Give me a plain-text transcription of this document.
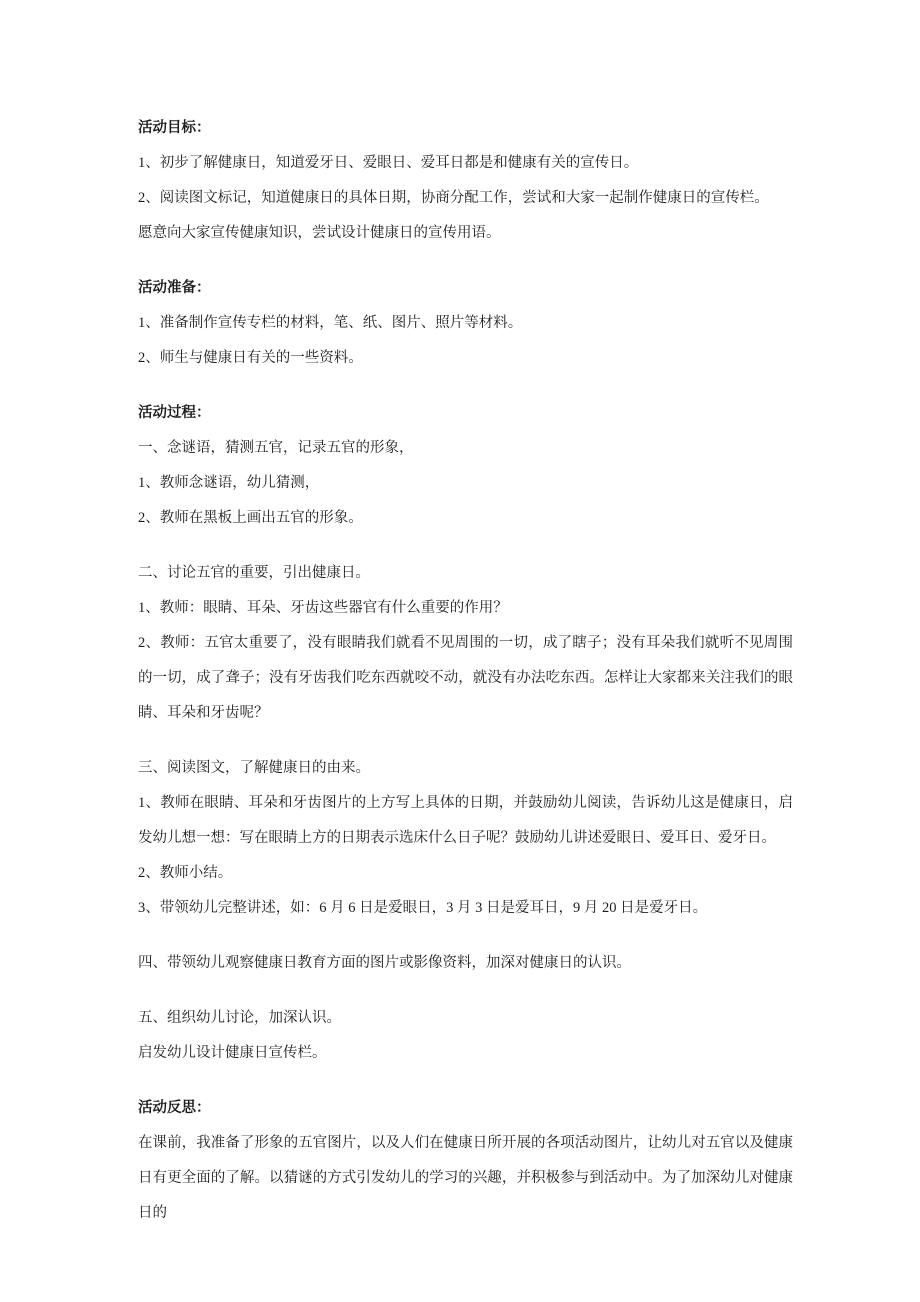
活动目标：

1、初步了解健康日，知道爱牙日、爱眼日、爱耳日都是和健康有关的宣传日。

2、阅读图文标记，知道健康日的具体日期，协商分配工作，尝试和大家一起制作健康日的宣传栏。

愿意向大家宣传健康知识，尝试设计健康日的宣传用语。

活动准备：

1、准备制作宣传专栏的材料，笔、纸、图片、照片等材料。

2、师生与健康日有关的一些资料。

活动过程：

一、念谜语，猜测五官，记录五官的形象，

1、教师念谜语，幼儿猜测，

2、教师在黑板上画出五官的形象。

二、讨论五官的重要，引出健康日。

1、教师：眼睛、耳朵、牙齿这些器官有什么重要的作用？

2、教师：五官太重要了，没有眼睛我们就看不见周围的一切，成了瞎子；没有耳朵我们就听不见周围的一切，成了聋子；没有牙齿我们吃东西就咬不动，就没有办法吃东西。怎样让大家都来关注我们的眼睛、耳朵和牙齿呢？

三、阅读图文，了解健康日的由来。

1、教师在眼睛、耳朵和牙齿图片的上方写上具体的日期，并鼓励幼儿阅读，告诉幼儿这是健康日，启发幼儿想一想：写在眼睛上方的日期表示选床什么日子呢？鼓励幼儿讲述爱眼日、爱耳日、爱牙日。

2、教师小结。

3、带领幼儿完整讲述，如：6 月 6 日是爱眼日，3 月 3 日是爱耳日，9 月 20 日是爱牙日。

四、带领幼儿观察健康日教育方面的图片或影像资料，加深对健康日的认识。

五、组织幼儿讨论，加深认识。

启发幼儿设计健康日宣传栏。

活动反思：

在课前，我准备了形象的五官图片，以及人们在健康日所开展的各项活动图片，让幼儿对五官以及健康日有更全面的了解。以猜谜的方式引发幼儿的学习的兴趣，并积极参与到活动中。为了加深幼儿对健康日的
